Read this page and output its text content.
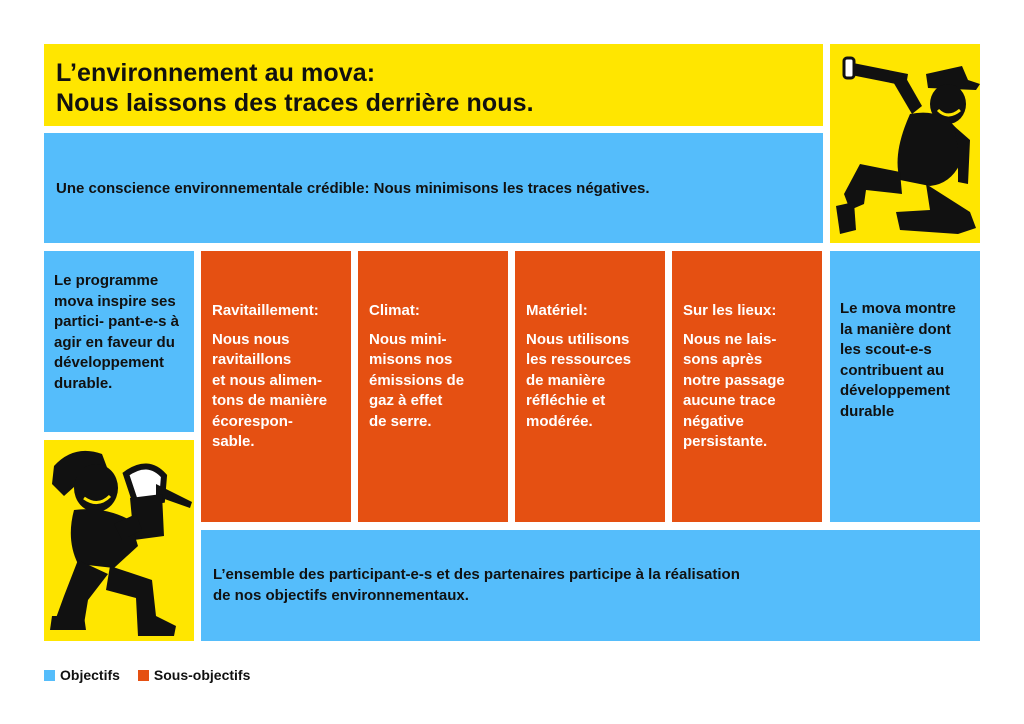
L’environnement au mova:
Nous laissons des traces derrière nous.
Une conscience environnementale crédible: Nous minimisons les traces négatives.
Le programme mova inspire ses partici- pant-e-s à agir en faveur du développement durable.
Ravitaillement:
Nous nous
ravitaillons
et nous alimen-
tons de manière
écorespon-
sable.
Climat:
Nous mini-
misons nos
émissions de
gaz à effet
de serre.
Matériel:
Nous utilisons
les ressources
de manière
réfléchie et
modérée.
Sur les lieux:
Nous ne lais-
sons après
notre passage
aucune trace
négative
persistante.
Le mova montre la manière dont les scout-e-s contribuent au développement durable
L’ensemble des participant-e-s et des partenaires participe à la réalisation
de nos objectifs environnementaux.
Objectifs Sous-objectifs
